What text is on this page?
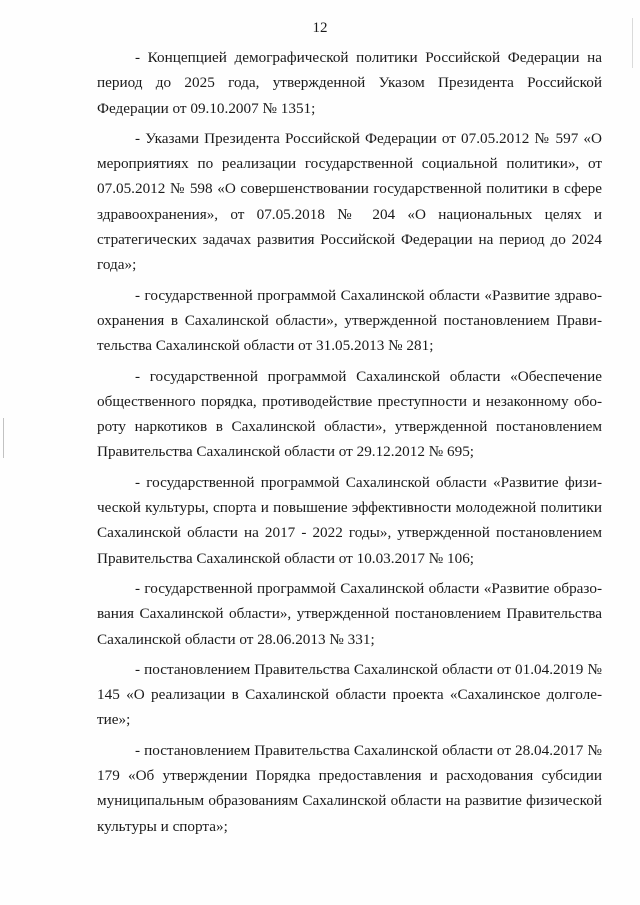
12

- Концепцией демографической политики Российской Федерации на период до 2025 года, утвержденной Указом Президента Российской Федерации от 09.10.2007 № 1351;

- Указами Президента Российской Федерации от 07.05.2012 № 597 «О мероприятиях по реализации государственной социальной политики», от 07.05.2012 № 598 «О совершенствовании государственной политики в сфере здравоохранения», от 07.05.2018 № 204 «О национальных целях и стратегических задачах развития Российской Федерации на период до 2024 года»;

- государственной программой Сахалинской области «Развитие здравоохранения в Сахалинской области», утвержденной постановлением Правительства Сахалинской области от 31.05.2013 № 281;

- государственной программой Сахалинской области «Обеспечение общественного порядка, противодействие преступности и незаконному обороту наркотиков в Сахалинской области», утвержденной постановлением Правительства Сахалинской области от 29.12.2012 № 695;

- государственной программой Сахалинской области «Развитие физической культуры, спорта и повышение эффективности молодежной политики Сахалинской области на 2017 - 2022 годы», утвержденной постановлением Правительства Сахалинской области от 10.03.2017 № 106;

- государственной программой Сахалинской области «Развитие образования Сахалинской области», утвержденной постановлением Правительства Сахалинской области от 28.06.2013 № 331;

- постановлением Правительства Сахалинской области от 01.04.2019 № 145 «О реализации в Сахалинской области проекта «Сахалинское долголетие»;

- постановлением Правительства Сахалинской области от 28.04.2017 № 179 «Об утверждении Порядка предоставления и расходования субсидии муниципальным образованиям Сахалинской области на развитие физической культуры и спорта»;
